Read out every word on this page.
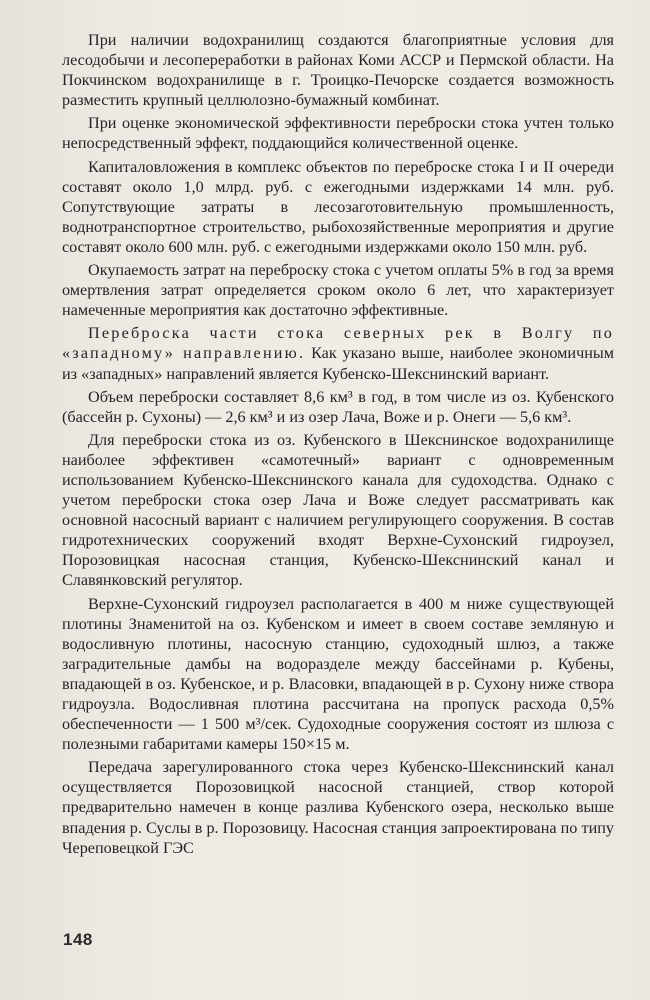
При наличии водохранилищ создаются благоприятные условия для лесодобычи и лесопереработки в районах Коми АССР и Пермской области. На Покчинском водохранилище в г. Троицко-Печорске создается возможность разместить крупный целлюлозно-бумажный комбинат.

При оценке экономической эффективности переброски стока учтен только непосредственный эффект, поддающийся количественной оценке.

Капиталовложения в комплекс объектов по переброске стока I и II очереди составят около 1,0 млрд. руб. с ежегодными издержками 14 млн. руб. Сопутствующие затраты в лесозаготовительную промышленность, воднотранспортное строительство, рыбохозяйственные мероприятия и другие составят около 600 млн. руб. с ежегодными издержками около 150 млн. руб.

Окупаемость затрат на переброску стока с учетом оплаты 5% в год за время омертвления затрат определяется сроком около 6 лет, что характеризует намеченные мероприятия как достаточно эффективные.

Переброска части стока северных рек в Волгу по «западному» направлению. Как указано выше, наиболее экономичным из «западных» направлений является Кубенско-Шекснинский вариант.

Объем переброски составляет 8,6 км³ в год, в том числе из оз. Кубенского (бассейн р. Сухоны) — 2,6 км³ и из озер Лача, Воже и р. Онеги — 5,6 км³.

Для переброски стока из оз. Кубенского в Шекснинское водохранилище наиболее эффективен «самотечный» вариант с одновременным использованием Кубенско-Шекснинского канала для судоходства. Однако с учетом переброски стока озер Лача и Воже следует рассматривать как основной насосный вариант с наличием регулирующего сооружения. В состав гидротехнических сооружений входят Верхне-Сухонский гидроузел, Порозовицкая насосная станция, Кубенско-Шекснинский канал и Славянковский регулятор.

Верхне-Сухонский гидроузел располагается в 400 м ниже существующей плотины Знаменитой на оз. Кубенском и имеет в своем составе земляную и водосливную плотины, насосную станцию, судоходный шлюз, а также заградительные дамбы на водоразделе между бассейнами р. Кубены, впадающей в оз. Кубенское, и р. Власовки, впадающей в р. Сухону ниже створа гидроузла. Водосливная плотина рассчитана на пропуск расхода 0,5% обеспеченности — 1 500 м³/сек. Судоходные сооружения состоят из шлюза с полезными габаритами камеры 150×15 м.

Передача зарегулированного стока через Кубенско-Шекснинский канал осуществляется Порозовицкой насосной станцией, створ которой предварительно намечен в конце разлива Кубенского озера, несколько выше впадения р. Суслы в р. Порозовицу. Насосная станция запроектирована по типу Череповецкой ГЭС

148
